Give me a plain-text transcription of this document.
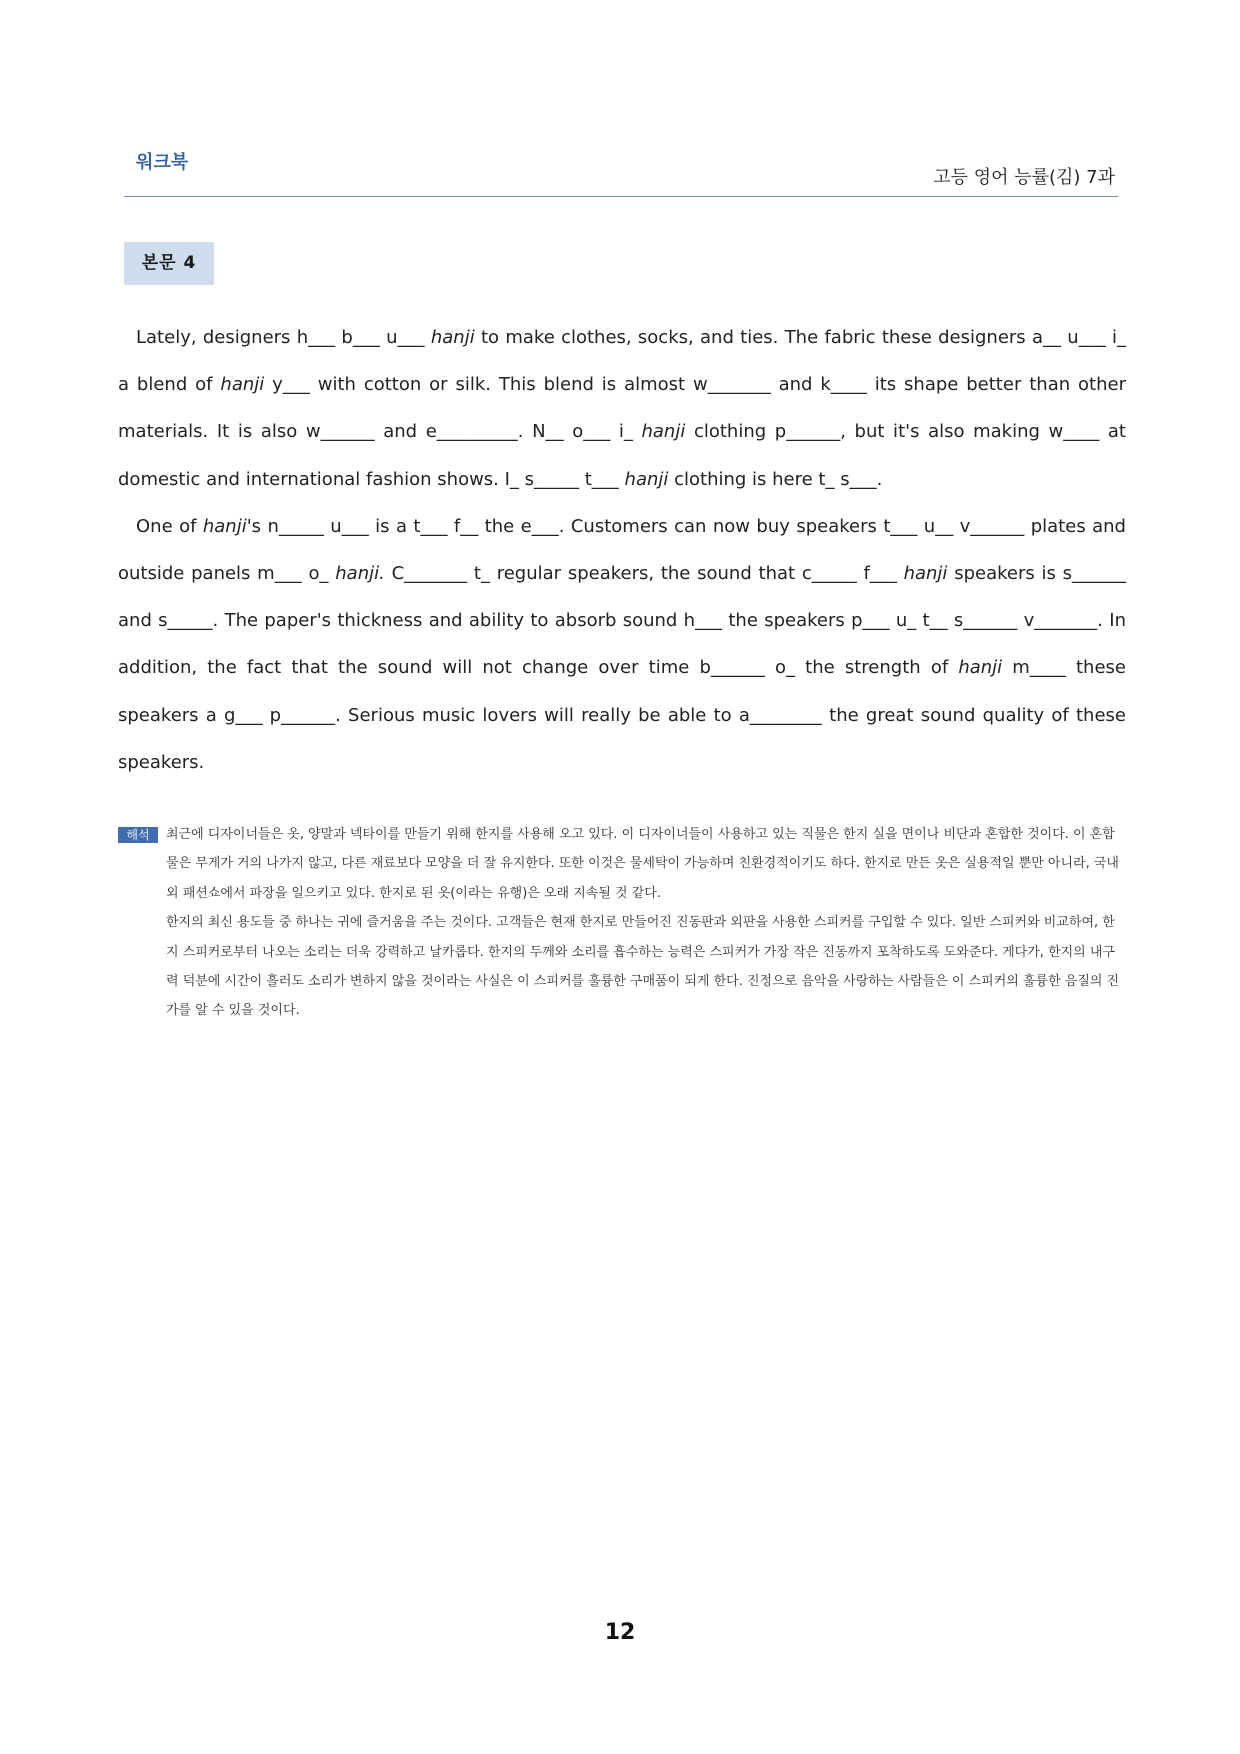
워크북
고등 영어 능률(김) 7과
본문 4

Lately, designers h___ b___ u___ hanji to make clothes, socks, and ties. The fabric these designers a__ u___ i_ a blend of hanji y___ with cotton or silk. This blend is almost w_______ and k____ its shape better than other materials. It is also w______ and e_________. N__ o___ i_ hanji clothing p______, but it's also making w____ at domestic and international fashion shows. I_ s_____ t___ hanji clothing is here t_ s___.

One of hanji's n_____ u___ is a t___ f__ the e___. Customers can now buy speakers t___ u__ v______ plates and outside panels m___ o_ hanji. C_______ t_ regular speakers, the sound that c_____ f___ hanji speakers is s______ and s_____. The paper's thickness and ability to absorb sound h___ the speakers p___ u_ t__ s______ v_______. In addition, the fact that the sound will not change over time b______ o_ the strength of hanji m____ these speakers a g___ p______. Serious music lovers will really be able to a________ the great sound quality of these speakers.

해석	최근에 디자이너들은 옷, 양말과 넥타이를 만들기 위해 한지를 사용해 오고 있다. 이 디자이너들이 사용하고 있는 직물은 한지 실을 면이나 비단과 혼합한 것이다. 이 혼합물은 무게가 거의 나가지 않고, 다른 재료보다 모양을 더 잘 유지한다. 또한 이것은 물세탁이 가능하며 친환경적이기도 하다. 한지로 만든 옷은 실용적일 뿐만 아니라, 국내외 패션쇼에서 파장을 일으키고 있다. 한지로 된 옷(이라는 유행)은 오래 지속될 것 같다.

한지의 최신 용도들 중 하나는 귀에 즐거움을 주는 것이다. 고객들은 현재 한지로 만들어진 진동판과 외판을 사용한 스피커를 구입할 수 있다. 일반 스피커와 비교하여, 한지 스피커로부터 나오는 소리는 더욱 강력하고 날카롭다. 한지의 두께와 소리를 흡수하는 능력은 스피커가 가장 작은 진동까지 포착하도록 도와준다. 게다가, 한지의 내구력 덕분에 시간이 흘러도 소리가 변하지 않을 것이라는 사실은 이 스피커를 훌륭한 구매품이 되게 한다. 진정으로 음악을 사랑하는 사람들은 이 스피커의 훌륭한 음질의 진가를 알 수 있을 것이다.

12
